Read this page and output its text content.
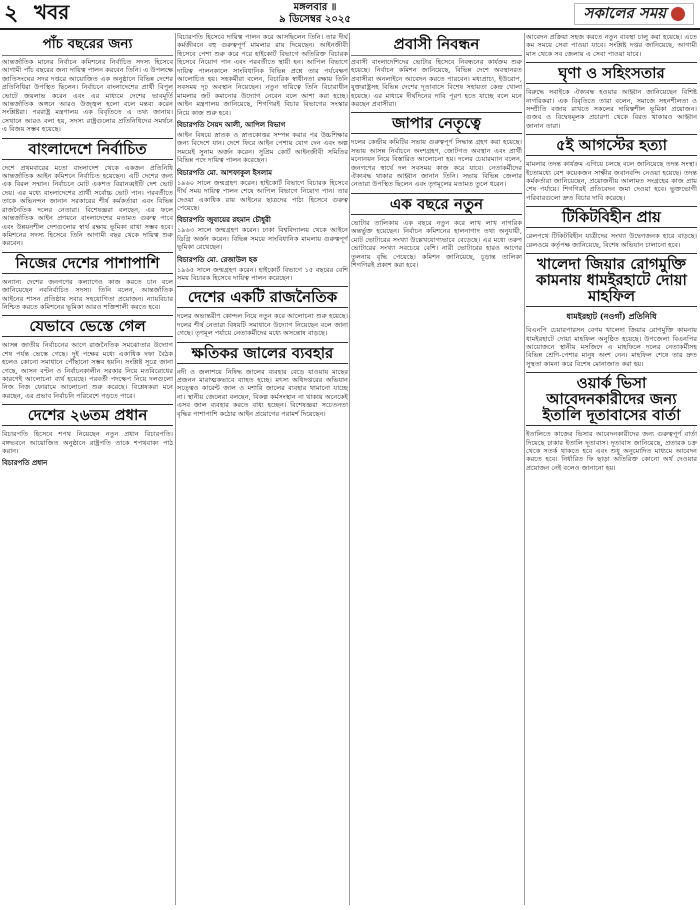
২ খবর	মঙ্গলবার ॥
৯ ডিসেম্বর ২০২৫	সকালের সময়
পাঁচ বছরের জন্য
আন্তর্জাতিক মানের নির্বাচন কমিশনের নির্বাচিত সদস্য হিসেবে আগামী পাঁচ বছরের জন্য দায়িত্ব পালন করবেন তিনি। এ উপলক্ষে জাতিসংঘের সদর দপ্তরে আয়োজিত এক অনুষ্ঠানে বিভিন্ন দেশের প্রতিনিধিরা উপস্থিত ছিলেন। নির্বাচনে বাংলাদেশের প্রার্থী বিপুল ভোটে জয়লাভ করেন এবং এর মাধ্যমে দেশের ভাবমূর্তি আন্তর্জাতিক অঙ্গনে আরও উজ্জ্বল হলো বলে মন্তব্য করেন সংশ্লিষ্টরা। পররাষ্ট্র মন্ত্রণালয় এক বিবৃতিতে এ তথ্য জানায়। সেখানে আরও বলা হয়, সদস্য রাষ্ট্রগুলোর প্রতিনিধিদের সমর্থনে এ বিজয় সম্ভব হয়েছে।
বাংলাদেশে নির্বাচিত
দেশে প্রথমবারের মতো বাংলাদেশ থেকে একজন প্রতিনিধি আন্তর্জাতিক আইন কমিশনে নির্বাচিত হয়েছেন। এটি দেশের জন্য এক বিরল সম্মান। নির্বাচনে মোট একশত বিরানব্বইটি দেশ ভোট দেয়। এর মধ্যে বাংলাদেশের প্রার্থী সর্বোচ্চ ভোট পান। পরবর্তীতে তাকে অভিনন্দন জানান সরকারের শীর্ষ কর্মকর্তারা এবং বিভিন্ন রাজনৈতিক দলের নেতারা। বিশেষজ্ঞরা বলছেন, এর ফলে আন্তর্জাতিক আইন প্রণয়নে বাংলাদেশের মতামত গুরুত্ব পাবে এবং উন্নয়নশীল দেশগুলোর স্বার্থ রক্ষায় ভূমিকা রাখা সম্ভব হবে। কমিশনের সদস্য হিসেবে তিনি আগামী বছর থেকে দায়িত্ব শুরু করবেন।
নিজের দেশের পাশাপাশি
অন্যান্য দেশের জনগণের কল্যাণেও কাজ করতে চান বলে জানিয়েছেন নবনির্বাচিত সদস্য। তিনি বলেন, আন্তর্জাতিক আইনের শাসন প্রতিষ্ঠায় সবার সহযোগিতা প্রয়োজন। ন্যায়বিচার নিশ্চিত করতে কমিশনের ভূমিকা আরও শক্তিশালী করতে হবে।
যেভাবে ভেস্তে গেল
আসন্ন জাতীয় নির্বাচনের আগে রাজনৈতিক সমঝোতার উদ্যোগ শেষ পর্যন্ত ভেস্তে গেছে। দুই পক্ষের মধ্যে একাধিক দফা বৈঠক হলেও কোনো সমাধানে পৌঁছানো সম্ভব হয়নি। সংশ্লিষ্ট সূত্রে জানা গেছে, আসন বণ্টন ও নির্বাচনকালীন সরকার নিয়ে মতবিরোধের কারণেই আলোচনা ব্যর্থ হয়েছে। পরবর্তী পদক্ষেপ নিয়ে দলগুলো নিজ নিজ ফোরামে আলোচনা শুরু করেছে। বিশ্লেষকরা মনে করছেন, এর প্রভাব নির্বাচনি পরিবেশে পড়তে পারে।
দেশের ২৬তম প্রধান
বিচারপতি হিসেবে শপথ নিয়েছেন নতুন প্রধান বিচারপতি। বঙ্গভবনে আয়োজিত অনুষ্ঠানে রাষ্ট্রপতি তাকে শপথবাক্য পাঠ করান।
বিচারপতি প্রধান
বিচারপতি হিসেবে দায়িত্ব পালন করে আসছিলেন তিনি। তার দীর্ঘ কর্মজীবনে বহু গুরুত্বপূর্ণ মামলার রায় দিয়েছেন। আইনজীবী হিসেবে পেশা শুরু করে পরে হাইকোর্ট বিভাগে অতিরিক্ত বিচারক হিসেবে নিয়োগ পান এবং পরবর্তীতে স্থায়ী হন। আপিল বিভাগে দায়িত্ব পালনকালে সাংবিধানিক বিভিন্ন প্রশ্নে তার পর্যবেক্ষণ আলোচিত হয়। সহকর্মীরা বলেন, বিচারিক স্বাধীনতা রক্ষায় তিনি সবসময় দৃঢ় অবস্থান নিয়েছেন। নতুন দায়িত্বে তিনি বিচারাধীন মামলার জট কমানোর উদ্যোগ নেবেন বলে আশা করা হচ্ছে। আইন মন্ত্রণালয় জানিয়েছে, শিগগিরই বিচার বিভাগের সংস্কার নিয়ে কাজ শুরু হবে।
বিচারপতি সৈয়দ আলী, আপিল বিভাগ
আইন বিষয়ে স্নাতক ও স্নাতকোত্তর সম্পন্ন করার পর উচ্চশিক্ষার জন্য বিদেশে যান। দেশে ফিরে আইন পেশায় যোগ দেন এবং অল্প সময়েই সুনাম অর্জন করেন। সুপ্রিম কোর্ট আইনজীবী সমিতির বিভিন্ন পদে দায়িত্ব পালন করেছেন।
বিচারপতি মো. আশফাকুল ইসলাম
১৯৬০ সালে জন্মগ্রহণ করেন। হাইকোর্ট বিভাগে বিচারক হিসেবে দীর্ঘ সময় দায়িত্ব পালন শেষে আপিল বিভাগে নিয়োগ পান। তার দেওয়া একাধিক রায় আইনের ছাত্রদের পাঠ্য হিসেবে গুরুত্ব পেয়েছে।
বিচারপতি জুবায়ের রহমান চৌধুরী
১৯৬৩ সালে জন্মগ্রহণ করেন। ঢাকা বিশ্ববিদ্যালয় থেকে আইনে ডিগ্রি অর্জন করেন। বিভিন্ন সময়ে সাংবিধানিক মামলায় গুরুত্বপূর্ণ ভূমিকা রেখেছেন।
বিচারপতি মো. রেজাউল হক
১৯৬৫ সালে জন্মগ্রহণ করেন। হাইকোর্ট বিভাগে ১৫ বছরের বেশি সময় বিচারক হিসেবে দায়িত্ব পালন করেছেন।
দেশের একটি রাজনৈতিক
দলের অভ্যন্তরীণ কোন্দল নিয়ে নতুন করে আলোচনা শুরু হয়েছে। দলের শীর্ষ নেতারা বিষয়টি সমাধানে উদ্যোগ নিয়েছেন বলে জানা গেছে। তৃণমূল পর্যায়ে নেতাকর্মীদের মধ্যে অসন্তোষ বাড়ছে।
ক্ষতিকর জালের ব্যবহার
নদী ও জলাশয়ে নিষিদ্ধ জালের ব্যবহার বেড়ে যাওয়ায় মাছের প্রজনন মারাত্মকভাবে ব্যাহত হচ্ছে। মৎস্য অধিদপ্তরের অভিযান সত্ত্বেও কারেন্ট জাল ও মশারি জালের ব্যবহার থামানো যাচ্ছে না। স্থানীয় জেলেরা বলছেন, বিকল্প কর্মসংস্থান না থাকায় অনেকেই এসব জাল ব্যবহার করতে বাধ্য হচ্ছেন। বিশেষজ্ঞরা সচেতনতা বৃদ্ধির পাশাপাশি কঠোর আইন প্রয়োগের পরামর্শ দিয়েছেন।
প্রবাসী নিবন্ধন
প্রবাসী বাংলাদেশিদের ভোটার হিসেবে নিবন্ধনের কার্যক্রম শুরু হয়েছে। নির্বাচন কমিশন জানিয়েছে, বিভিন্ন দেশে অবস্থানরত প্রবাসীরা অনলাইনে আবেদন করতে পারবেন। মধ্যপ্রাচ্য, ইউরোপ, যুক্তরাষ্ট্রসহ বিভিন্ন দেশের দূতাবাসে বিশেষ সহায়তা কেন্দ্র খোলা হয়েছে। এর মাধ্যমে দীর্ঘদিনের দাবি পূরণ হতে যাচ্ছে বলে মনে করছেন প্রবাসীরা।
জাপার নেতৃত্বে
দলের কেন্দ্রীয় কমিটির সভায় গুরুত্বপূর্ণ সিদ্ধান্ত গ্রহণ করা হয়েছে। সভায় আসন্ন নির্বাচনে অংশগ্রহণ, জোটগত অবস্থান এবং প্রার্থী মনোনয়ন নিয়ে বিস্তারিত আলোচনা হয়। দলের চেয়ারম্যান বলেন, জনগণের স্বার্থে দল সবসময় কাজ করে যাবে। নেতাকর্মীদের ঐক্যবদ্ধ থাকার আহ্বান জানান তিনি। সভায় বিভিন্ন জেলার নেতারা উপস্থিত ছিলেন এবং তৃণমূলের মতামত তুলে ধরেন।
এক বছরে নতুন
ভোটার তালিকায় এক বছরে নতুন করে লাখ লাখ নাগরিক অন্তর্ভুক্ত হয়েছেন। নির্বাচন কমিশনের হালনাগাদ তথ্য অনুযায়ী, মোট ভোটারের সংখ্যা উল্লেখযোগ্যভাবে বেড়েছে। এর মধ্যে তরুণ ভোটারের সংখ্যা সবচেয়ে বেশি। নারী ভোটারের হারও আগের তুলনায় বৃদ্ধি পেয়েছে। কমিশন জানিয়েছে, চূড়ান্ত তালিকা শিগগিরই প্রকাশ করা হবে।
আবেদন প্রক্রিয়া সহজ করতে নতুন ব্যবস্থা চালু করা হয়েছে। এতে কম সময়ে সেবা পাওয়া যাবে। সংশ্লিষ্ট দপ্তর জানিয়েছে, আগামী মাস থেকে সব জেলায় এ সেবা পাওয়া যাবে।
ঘৃণা ও সহিংসতার
বিরুদ্ধে সবাইকে ঐক্যবদ্ধ হওয়ার আহ্বান জানিয়েছেন বিশিষ্ট নাগরিকরা। এক বিবৃতিতে তারা বলেন, সমাজে সহনশীলতা ও সম্প্রীতি বজায় রাখতে সকলের দায়িত্বশীল ভূমিকা প্রয়োজন। গুজব ও বিদ্বেষমূলক প্রচারণা থেকে বিরত থাকারও আহ্বান জানান তারা।
৫ই আগস্টের হত্যা
মামলার তদন্ত কার্যক্রম এগিয়ে চলছে বলে জানিয়েছে তদন্ত সংস্থা। ইতোমধ্যে বেশ কয়েকজন সাক্ষীর জবানবন্দি নেওয়া হয়েছে। তদন্ত কর্মকর্তারা জানিয়েছেন, প্রয়োজনীয় আলামত সংগ্রহের কাজ প্রায় শেষ পর্যায়ে। শিগগিরই প্রতিবেদন জমা দেওয়া হবে। ভুক্তভোগী পরিবারগুলো দ্রুত বিচার দাবি করেছে।
টিকিটবিহীন প্রায়
রেলপথে টিকিটবিহীন যাত্রীদের সংখ্যা উদ্বেগজনক হারে বাড়ছে। রেলওয়ে কর্তৃপক্ষ জানিয়েছে, বিশেষ অভিযান চালানো হবে।
খালেদা জিয়ার রোগমুক্তি কামনায় ধামইরহাটে দোয়া মাহফিল
ধামইরহাট (নওগাঁ) প্রতিনিধি
বিএনপি চেয়ারপারসন বেগম খালেদা জিয়ার রোগমুক্তি কামনায় ধামইরহাটে দোয়া মাহফিল অনুষ্ঠিত হয়েছে। উপজেলা বিএনপির আয়োজনে স্থানীয় মসজিদে এ মাহফিলে দলের নেতাকর্মীসহ বিভিন্ন শ্রেণি-পেশার মানুষ অংশ নেন। মাহফিল শেষে তার দ্রুত সুস্থতা কামনা করে বিশেষ মোনাজাত করা হয়।
ওয়ার্ক ভিসা আবেদনকারীদের জন্য ইতালি দূতাবাসের বার্তা
ইতালিতে কাজের ভিসার আবেদনকারীদের জন্য গুরুত্বপূর্ণ বার্তা দিয়েছে ঢাকার ইতালি দূতাবাস। দূতাবাস জানিয়েছে, প্রতারক চক্র থেকে সতর্ক থাকতে হবে এবং শুধু অনুমোদিত মাধ্যমে আবেদন করতে হবে। নির্ধারিত ফি ছাড়া অতিরিক্ত কোনো অর্থ দেওয়ার প্রয়োজন নেই বলেও জানানো হয়।
